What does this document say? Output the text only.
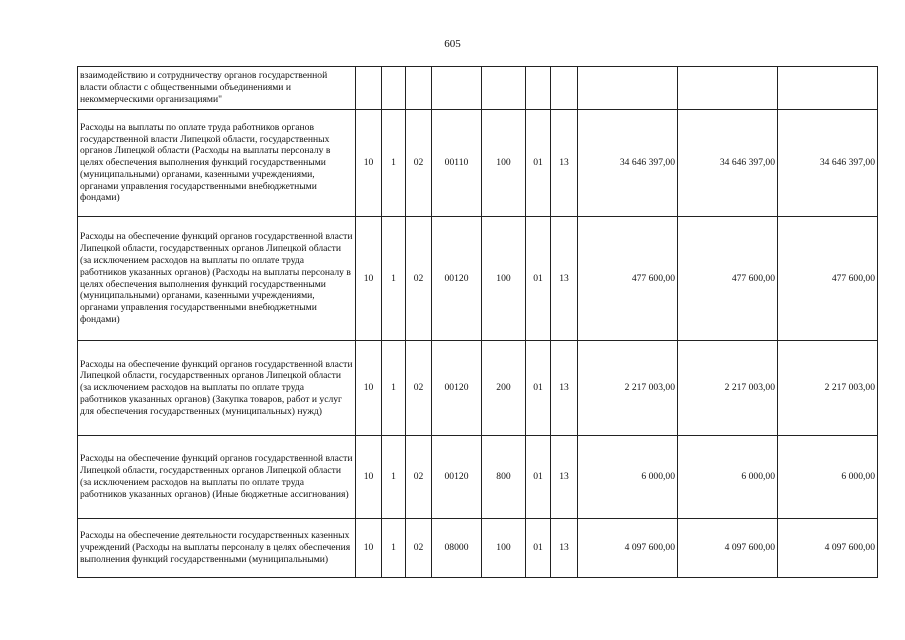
605
взаимодействию и сотрудничеству органов государственной власти области с общественными объединениями и некоммерческими организациями"										
Расходы на выплаты по оплате труда работников органов государственной власти Липецкой области, государственных органов Липецкой области (Расходы на выплаты персоналу в целях обеспечения выполнения функций государственными (муниципальными) органами, казенными учреждениями, органами управления государственными внебюджетными фондами)	10	1	02	00110	100	01	13	34 646 397,00	34 646 397,00	34 646 397,00
Расходы на обеспечение функций органов государственной власти Липецкой области, государственных органов Липецкой области (за исключением расходов на выплаты по оплате труда работников указанных органов) (Расходы на выплаты персоналу в целях обеспечения выполнения функций государственными (муниципальными) органами, казенными учреждениями, органами управления государственными внебюджетными фондами)	10	1	02	00120	100	01	13	477 600,00	477 600,00	477 600,00
Расходы на обеспечение функций органов государственной власти Липецкой области, государственных органов Липецкой области (за исключением расходов на выплаты по оплате труда работников указанных органов) (Закупка товаров, работ и услуг для обеспечения государственных (муниципальных) нужд)	10	1	02	00120	200	01	13	2 217 003,00	2 217 003,00	2 217 003,00
Расходы на обеспечение функций органов государственной власти Липецкой области, государственных органов Липецкой области (за исключением расходов на выплаты по оплате труда работников указанных органов) (Иные бюджетные ассигнования)	10	1	02	00120	800	01	13	6 000,00	6 000,00	6 000,00
Расходы на обеспечение деятельности государственных казенных учреждений (Расходы на выплаты персоналу в целях обеспечения выполнения функций государственными (муниципальными)	10	1	02	08000	100	01	13	4 097 600,00	4 097 600,00	4 097 600,00
